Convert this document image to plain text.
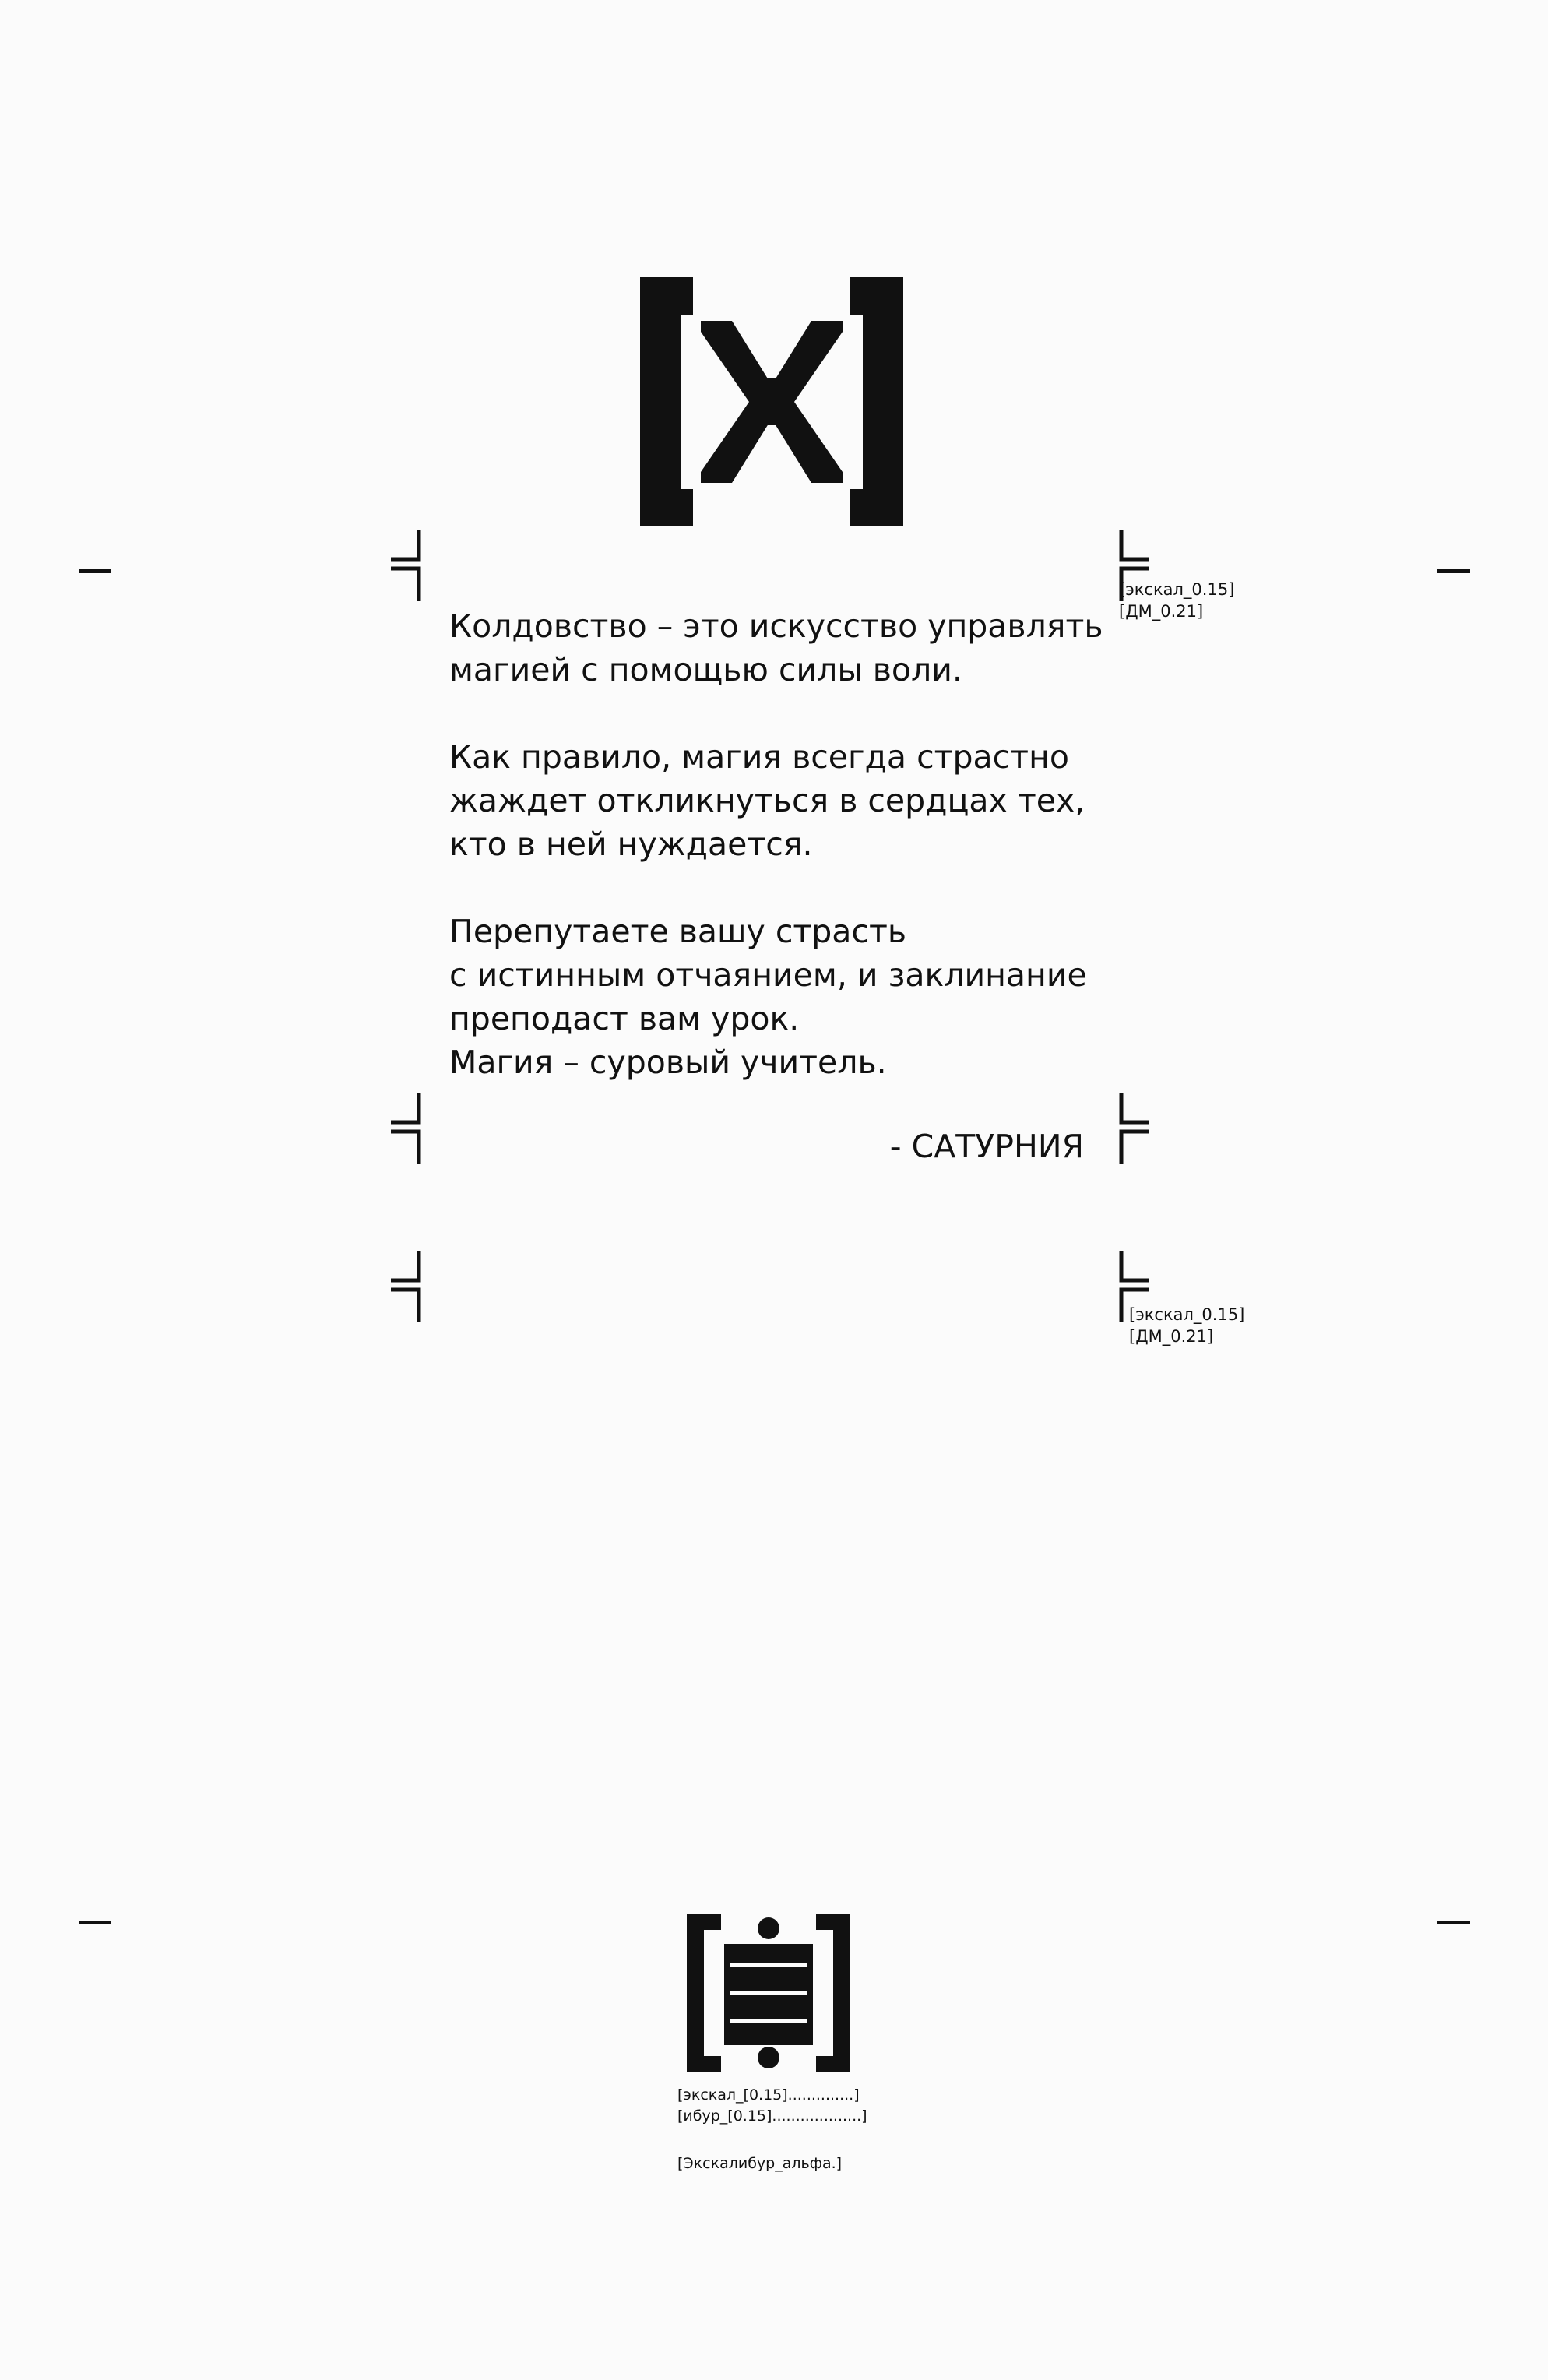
[экскал_0.15]
[ДМ_0.21]
[экскал_0.15]
[ДМ_0.21]

Колдовство – это искусство управлять
магией с помощью силы воли.

Как правило, магия всегда страстно
жаждет откликнуться в сердцах тех,
кто в ней нуждается.

Перепутаете вашу страсть
с истинным отчаянием, и заклинание
преподаст вам урок.
Магия – суровый учитель.

- САТУРНИЯ
[экскал_[0.15]..............]
[ибур_[0.15]...................]
[Экскалибур_альфа.]
